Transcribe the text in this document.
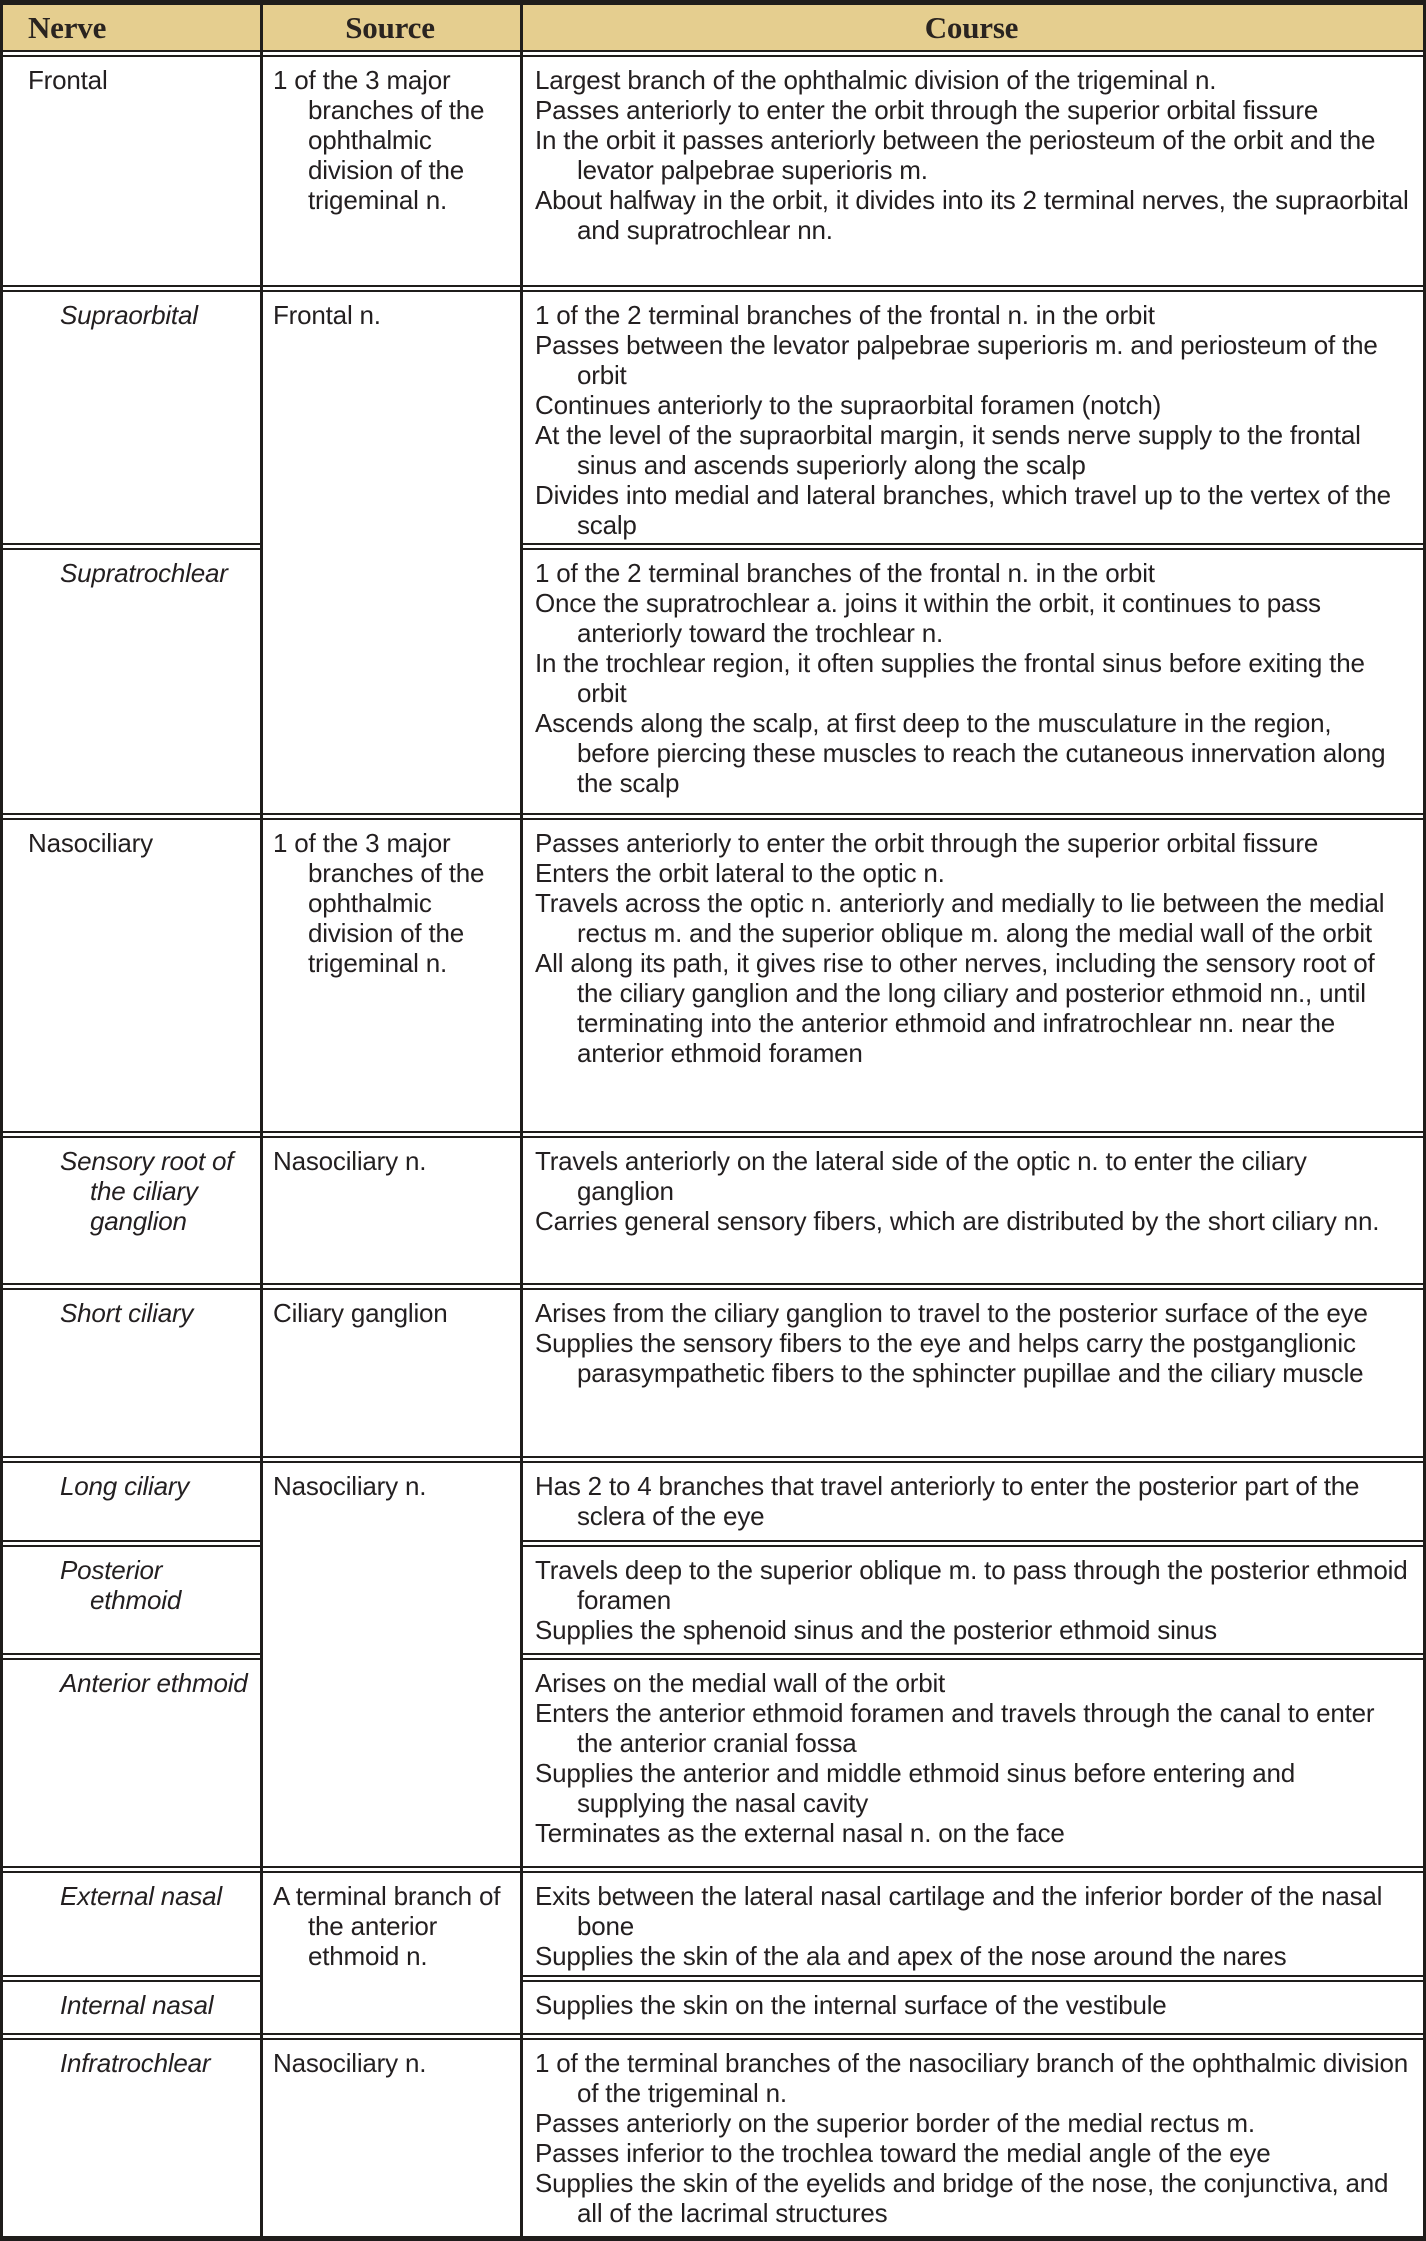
Nerve	Source	Course
Frontal
Supraorbital
Supratrochlear
Nasociliary
Sensory root of the ciliary ganglion
Short ciliary
Long ciliary
Posterior ethmoid
Anterior ethmoid
External nasal
Internal nasal
Infratrochlear
1 of the 3 major branches of the ophthalmic division of the trigeminal n.
Frontal n.
1 of the 3 major branches of the ophthalmic division of the trigeminal n.
Nasociliary n.
Ciliary ganglion
Nasociliary n.
A terminal branch of the anterior ethmoid n.
Nasociliary n.
Largest branch of the ophthalmic division of the trigeminal n.
Passes anteriorly to enter the orbit through the superior orbital fissure
In the orbit it passes anteriorly between the periosteum of the orbit and the levator palpebrae superioris m.
About halfway in the orbit, it divides into its 2 terminal nerves, the supraorbital and supratrochlear nn.
1 of the 2 terminal branches of the frontal n. in the orbit
Passes between the levator palpebrae superioris m. and periosteum of the orbit
Continues anteriorly to the supraorbital foramen (notch)
At the level of the supraorbital margin, it sends nerve supply to the frontal sinus and ascends superiorly along the scalp
Divides into medial and lateral branches, which travel up to the vertex of the scalp
1 of the 2 terminal branches of the frontal n. in the orbit
Once the supratrochlear a. joins it within the orbit, it continues to pass anteriorly toward the trochlear n.
In the trochlear region, it often supplies the frontal sinus before exiting the orbit
Ascends along the scalp, at first deep to the musculature in the region, before piercing these muscles to reach the cutaneous innervation along the scalp
Passes anteriorly to enter the orbit through the superior orbital fissure
Enters the orbit lateral to the optic n.
Travels across the optic n. anteriorly and medially to lie between the medial rectus m. and the superior oblique m. along the medial wall of the orbit
All along its path, it gives rise to other nerves, including the sensory root of the ciliary ganglion and the long ciliary and posterior ethmoid nn., until terminating into the anterior ethmoid and infratrochlear nn. near the anterior ethmoid foramen
Travels anteriorly on the lateral side of the optic n. to enter the ciliary ganglion
Carries general sensory fibers, which are distributed by the short ciliary nn.
Arises from the ciliary ganglion to travel to the posterior surface of the eye
Supplies the sensory fibers to the eye and helps carry the postganglionic parasympathetic fibers to the sphincter pupillae and the ciliary muscle
Has 2 to 4 branches that travel anteriorly to enter the posterior part of the sclera of the eye
Travels deep to the superior oblique m. to pass through the posterior ethmoid foramen
Supplies the sphenoid sinus and the posterior ethmoid sinus
Arises on the medial wall of the orbit
Enters the anterior ethmoid foramen and travels through the canal to enter the anterior cranial fossa
Supplies the anterior and middle ethmoid sinus before entering and supplying the nasal cavity
Terminates as the external nasal n. on the face
Exits between the lateral nasal cartilage and the inferior border of the nasal bone
Supplies the skin of the ala and apex of the nose around the nares
Supplies the skin on the internal surface of the vestibule
1 of the terminal branches of the nasociliary branch of the ophthalmic division of the trigeminal n.
Passes anteriorly on the superior border of the medial rectus m.
Passes inferior to the trochlea toward the medial angle of the eye
Supplies the skin of the eyelids and bridge of the nose, the conjunctiva, and all of the lacrimal structures
